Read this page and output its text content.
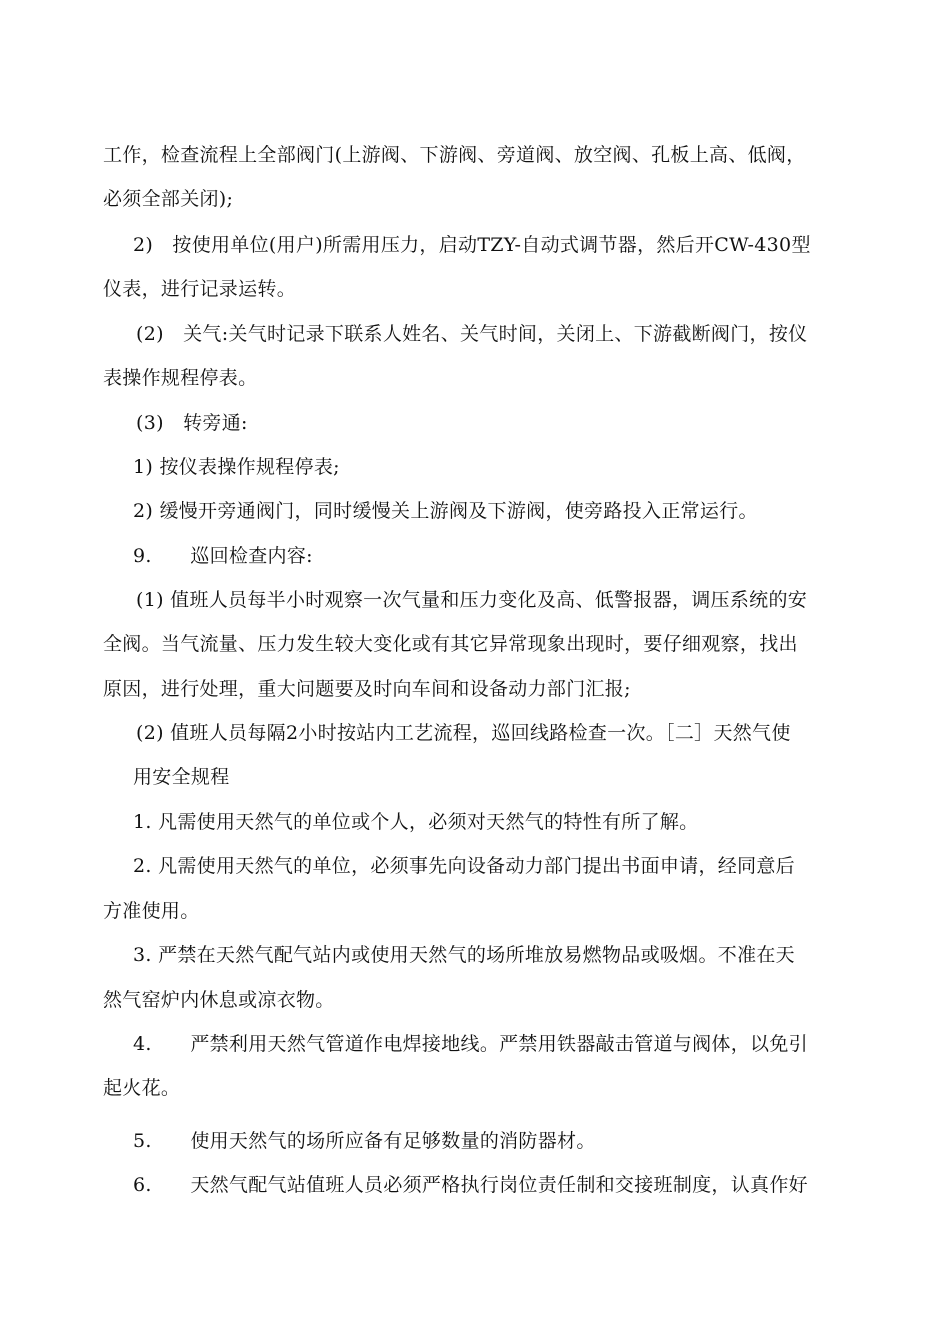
工作，检查流程上全部阀门(上游阀、下游阀、旁道阀、放空阀、孔板上高、低阀，
必须全部关闭);
2)　按使用单位(用户)所需用压力，启动TZY-自动式调节器，然后开CW-430型
仪表，进行记录运转。
(2)　关气:关气时记录下联系人姓名、关气时间，关闭上、下游截断阀门，按仪
表操作规程停表。
(3)　转旁通:
1) 按仪表操作规程停表;
2) 缓慢开旁通阀门，同时缓慢关上游阀及下游阀，使旁路投入正常运行。
9.　　巡回检查内容:
(1) 值班人员每半小时观察一次气量和压力变化及高、低警报器，调压系统的安
全阀。当气流量、压力发生较大变化或有其它异常现象出现时，要仔细观察，找出
原因，进行处理，重大问题要及时向车间和设备动力部门汇报;
(2) 值班人员每隔2小时按站内工艺流程，巡回线路检查一次。［二］天然气使
用安全规程
1. 凡需使用天然气的单位或个人，必须对天然气的特性有所了解。
2. 凡需使用天然气的单位，必须事先向设备动力部门提出书面申请，经同意后
方准使用。
3. 严禁在天然气配气站内或使用天然气的场所堆放易燃物品或吸烟。不准在天
然气窑炉内休息或凉衣物。
4.　　严禁利用天然气管道作电焊接地线。严禁用铁器敲击管道与阀体，以免引
起火花。
5.　　使用天然气的场所应备有足够数量的消防器材。
6.　　天然气配气站值班人员必须严格执行岗位责任制和交接班制度，认真作好
